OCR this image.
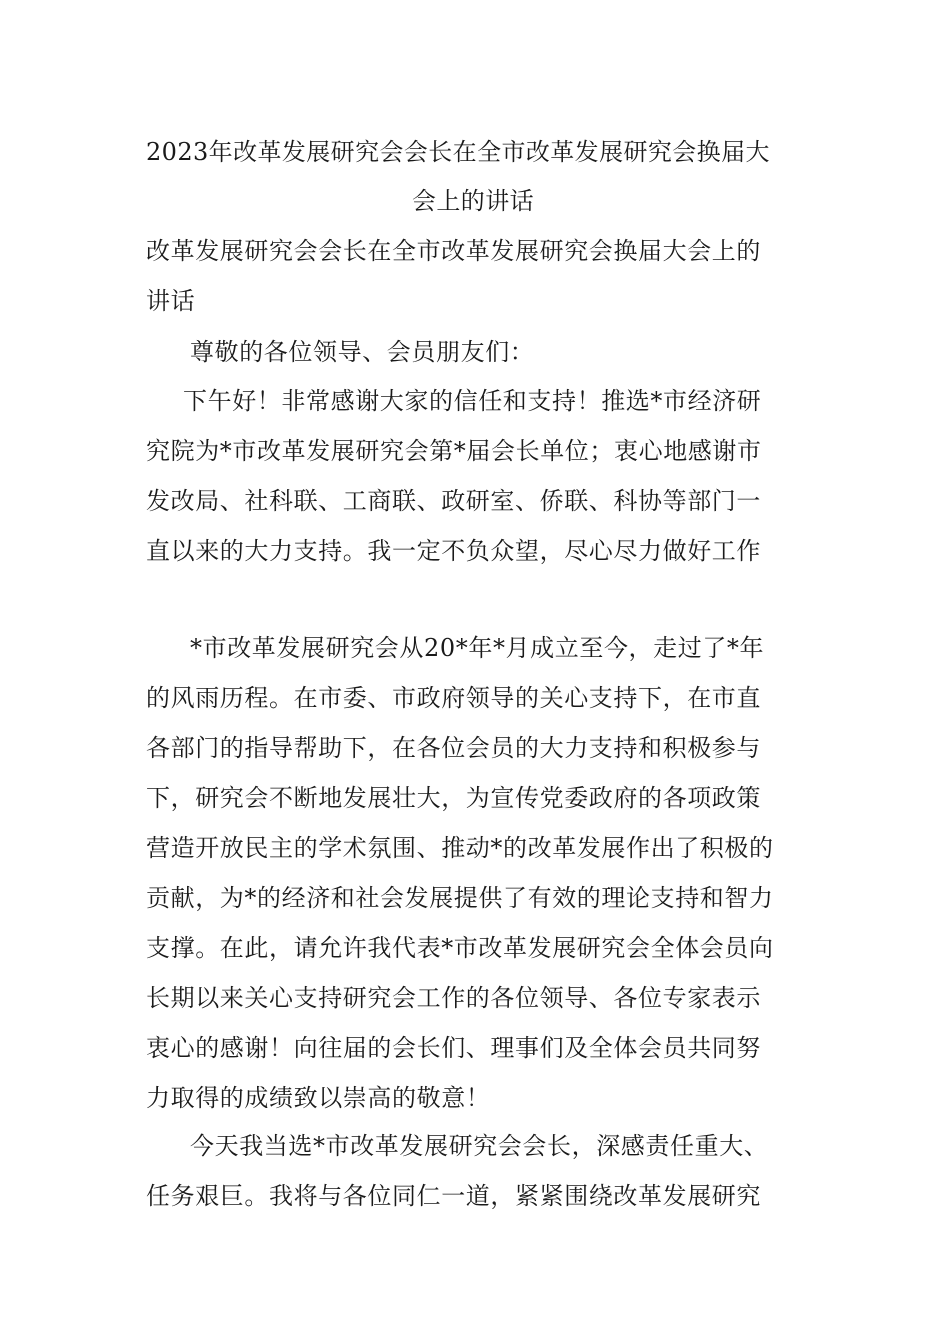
2023年改革发展研究会会长在全市改革发展研究会换届大
会上的讲话
改革发展研究会会长在全市改革发展研究会换届大会上的
讲话
尊敬的各位领导、会员朋友们：
下午好！非常感谢大家的信任和支持！推选*市经济研
究院为*市改革发展研究会第*届会长单位；衷心地感谢市
发改局、社科联、工商联、政研室、侨联、科协等部门一
直以来的大力支持。我一定不负众望，尽心尽力做好工作
*市改革发展研究会从20*年*月成立至今，走过了*年
的风雨历程。在市委、市政府领导的关心支持下，在市直
各部门的指导帮助下，在各位会员的大力支持和积极参与
下，研究会不断地发展壮大，为宣传党委政府的各项政策
营造开放民主的学术氛围、推动*的改革发展作出了积极的
贡献，为*的经济和社会发展提供了有效的理论支持和智力
支撑。在此，请允许我代表*市改革发展研究会全体会员向
长期以来关心支持研究会工作的各位领导、各位专家表示
衷心的感谢！向往届的会长们、理事们及全体会员共同努
力取得的成绩致以崇高的敬意！
今天我当选*市改革发展研究会会长，深感责任重大、
任务艰巨。我将与各位同仁一道，紧紧围绕改革发展研究
